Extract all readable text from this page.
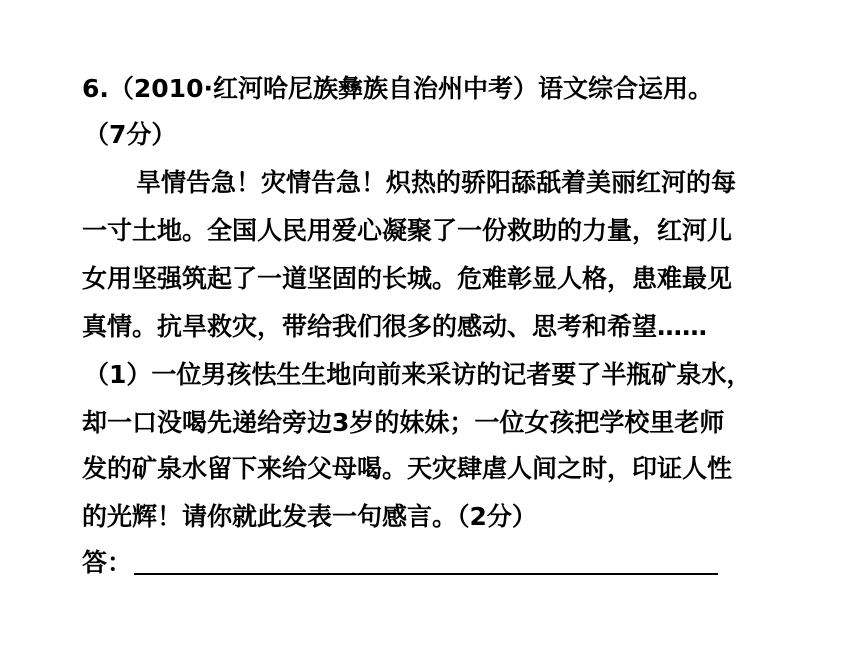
6.（2010·红河哈尼族彝族自治州中考）语文综合运用。
（7分）
旱情告急！灾情告急！炽热的骄阳舔舐着美丽红河的每
一寸土地。全国人民用爱心凝聚了一份救助的力量，红河儿
女用坚强筑起了一道坚固的长城。危难彰显人格，患难最见
真情。抗旱救灾，带给我们很多的感动、思考和希望……
（1）一位男孩怯生生地向前来采访的记者要了半瓶矿泉水，
却一口没喝先递给旁边3岁的妹妹；一位女孩把学校里老师
发的矿泉水留下来给父母喝。天灾肆虐人间之时，印证人性
的光辉！请你就此发表一句感言。（2分）
答：
